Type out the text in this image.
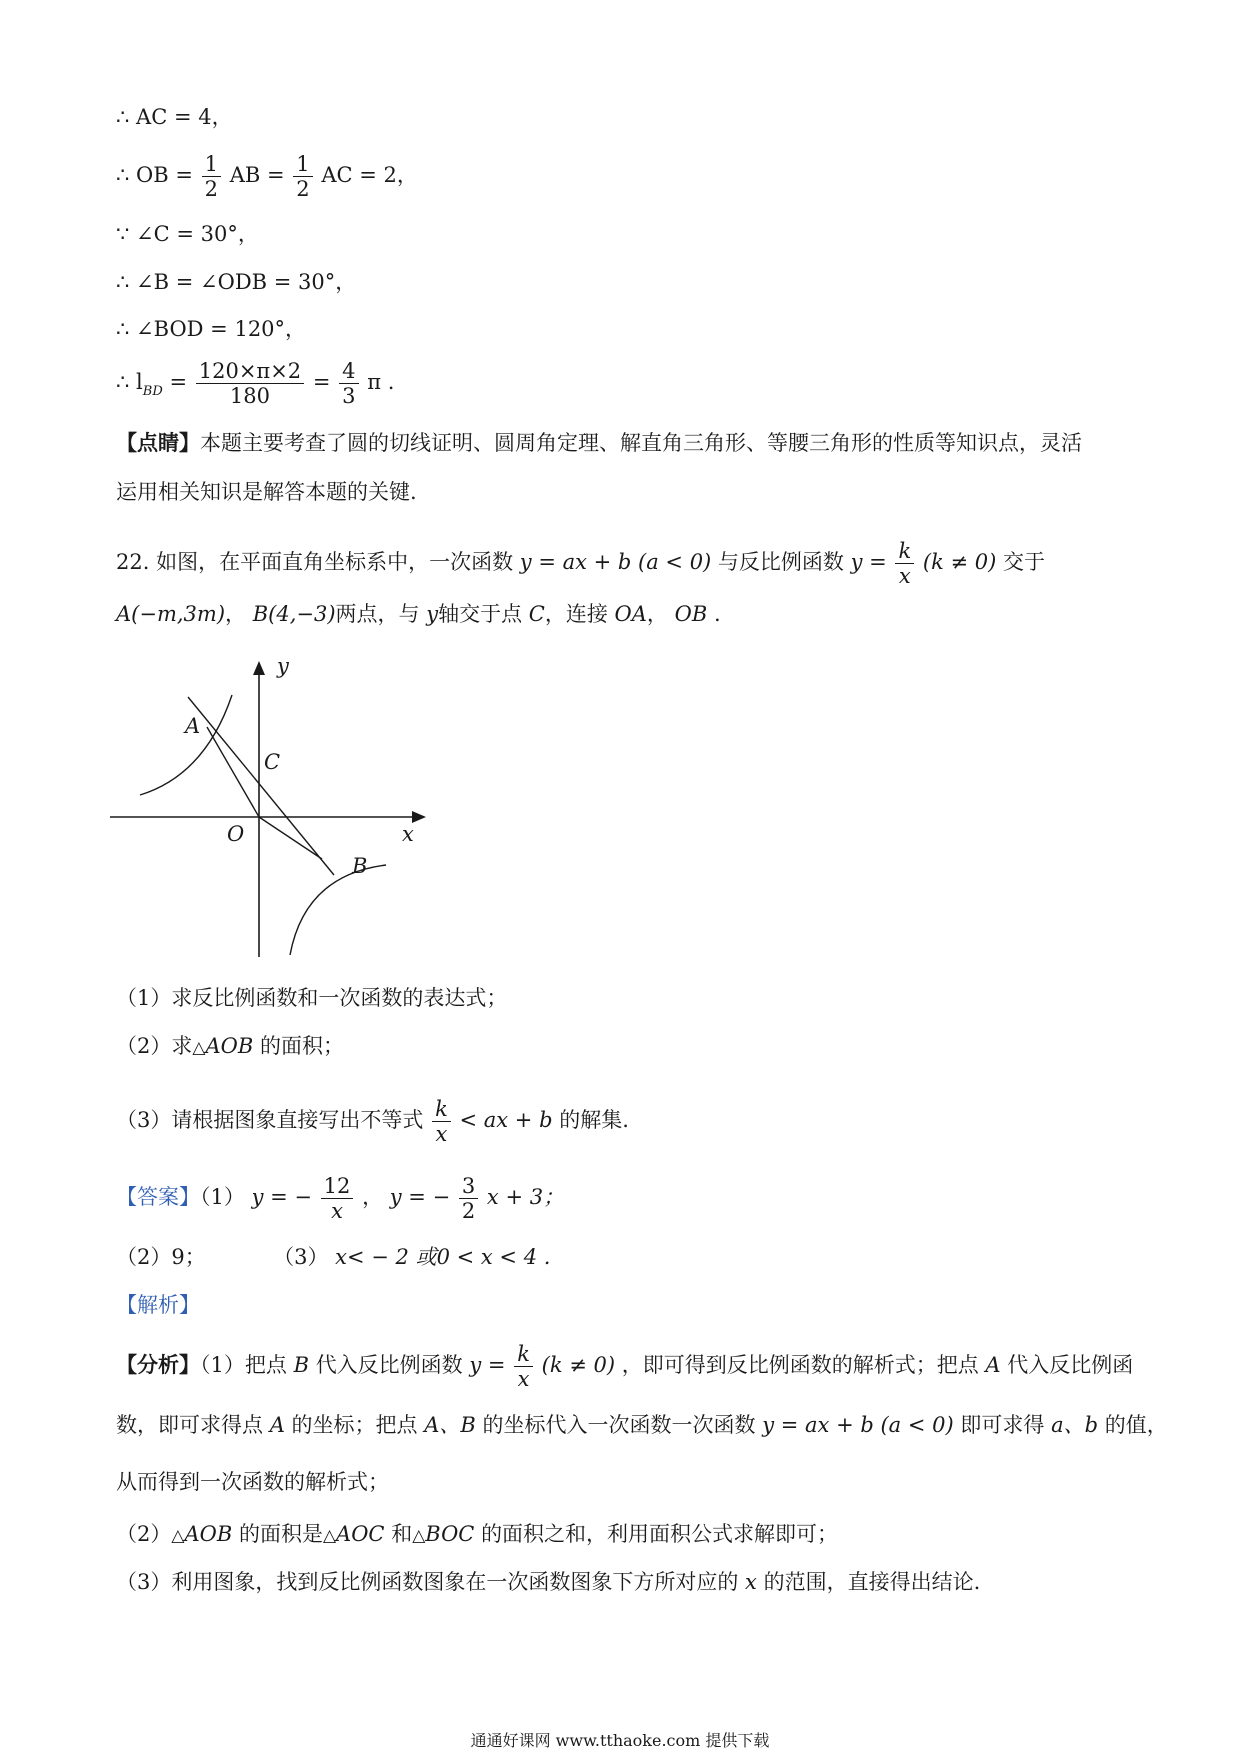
∴ AC = 4，
∴ OB = $\frac{1}{2}$ AB = $\frac{1}{2}$ AC = 2，
∵ ∠C = 30°，
∴ ∠B = ∠ODB = 30°，
∴ ∠BOD = 120°，
∴ $l_{BD} = \frac{120\times\pi\times 2}{180} = \frac{4}{3}$ π .
【点睛】本题主要考查了圆的切线证明、圆周角定理、解直角三角形、等腰三角形的性质等知识点，灵活
运用相关知识是解答本题的关键.
22. 如图，在平面直角坐标系中，一次函数 y = ax + b (a < 0) 与反比例函数 $y = \frac{k}{x} (k \ne 0)$ 交于
A(−m,3m)， B(4,−3)两点，与 y轴交于点 C，连接 OA， OB .
y
x
O
A
C
B
（1）求反比例函数和一次函数的表达式；
（2）求△AOB 的面积；
（3）请根据图象直接写出不等式 $\frac{k}{x}$ < ax + b 的解集.
【答案】（1） y = − $\frac{12}{x}$ ， y = − $\frac{3}{2}$ x + 3；
（2）9；	（3） x< − 2 或0 < x < 4 .
【解析】
【分析】（1）把点 B 代入反比例函数 $y = \frac{k}{x} (k \ne 0)$ ，即可得到反比例函数的解析式；把点 A 代入反比例函
数，即可求得点 A 的坐标；把点 A、B 的坐标代入一次函数一次函数 y = ax + b (a < 0) 即可求得 a、b 的值，
从而得到一次函数的解析式；
（2）△AOB 的面积是△AOC 和△BOC 的面积之和，利用面积公式求解即可；
（3）利用图象，找到反比例函数图象在一次函数图象下方所对应的 x 的范围，直接得出结论.
通通好课网 www.tthaoke.com 提供下载
